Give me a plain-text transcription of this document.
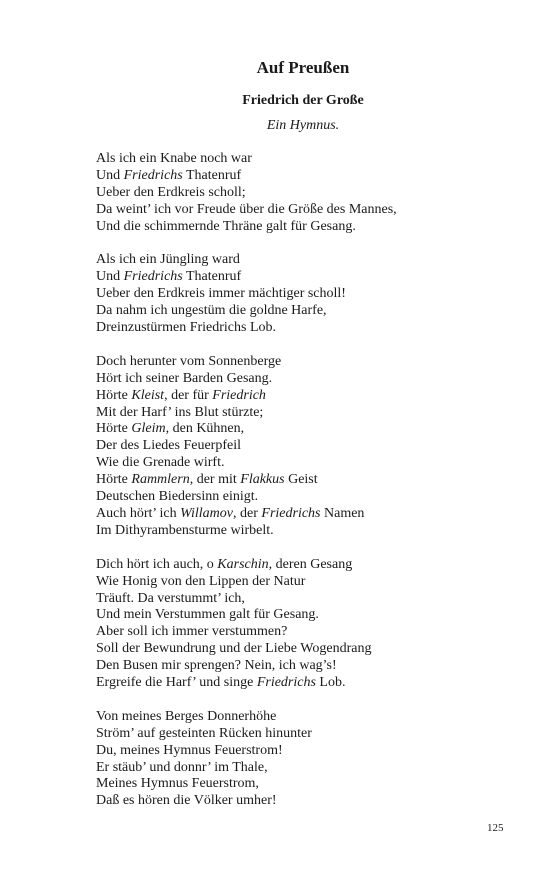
Auf Preußen
Friedrich der Große
Ein Hymnus.
Als ich ein Knabe noch war
Und Friedrichs Thatenruf
Ueber den Erdkreis scholl;
Da weint’ ich vor Freude über die Größe des Mannes,
Und die schimmernde Thräne galt für Gesang.
Als ich ein Jüngling ward
Und Friedrichs Thatenruf
Ueber den Erdkreis immer mächtiger scholl!
Da nahm ich ungestüm die goldne Harfe,
Dreinzustürmen Friedrichs Lob.
Doch herunter vom Sonnenberge
Hört ich seiner Barden Gesang.
Hörte Kleist, der für Friedrich
Mit der Harf’ ins Blut stürzte;
Hörte Gleim, den Kühnen,
Der des Liedes Feuerpfeil
Wie die Grenade wirft.
Hörte Rammlern, der mit Flakkus Geist
Deutschen Biedersinn einigt.
Auch hört’ ich Willamov, der Friedrichs Namen
Im Dithyrambensturme wirbelt.
Dich hört ich auch, o Karschin, deren Gesang
Wie Honig von den Lippen der Natur
Träuft. Da verstummt’ ich,
Und mein Verstummen galt für Gesang.
Aber soll ich immer verstummen?
Soll der Bewundrung und der Liebe Wogendrang
Den Busen mir sprengen? Nein, ich wag’s!
Ergreife die Harf’ und singe Friedrichs Lob.
Von meines Berges Donnerhöhe
Ström’ auf gesteinten Rücken hinunter
Du, meines Hymnus Feuerstrom!
Er stäub’ und donnr’ im Thale,
Meines Hymnus Feuerstrom,
Daß es hören die Völker umher!
125
